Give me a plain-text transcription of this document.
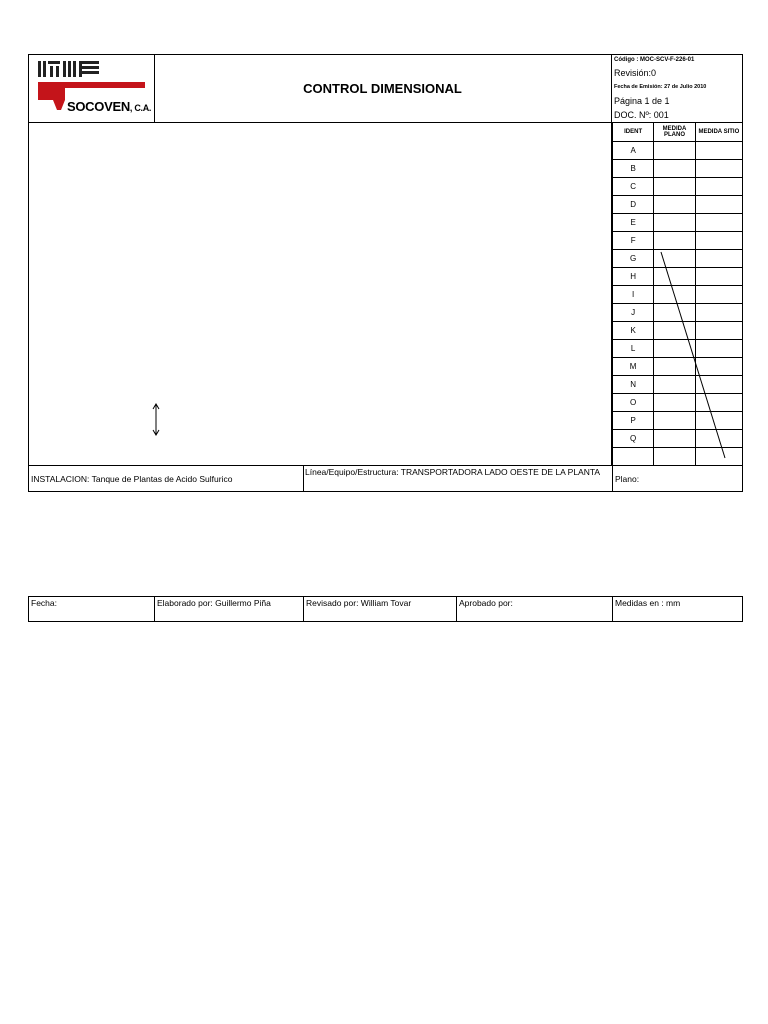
SOCOVEN, C.A.
CONTROL DIMENSIONAL
Código : MOC-SCV-F-226-01
Revisión:0
Fecha de Emisión: 27 de Julio 2010
Página 1 de 1
DOC. Nº: 001
IDENT	MEDIDA PLANO	MEDIDA SITIO
A		
B		
C		
D		
E		
F		
G		
H		
I		
J		
K		
L		
M		
N		
O		
P		
Q		

INSTALACION: Tanque de Plantas de Acido Sulfurico
Línea/Equipo/Estructura: TRANSPORTADORA LADO OESTE DE LA PLANTA
Plano:
Fecha:	Elaborado por: Guillermo Piña	Revisado por: William Tovar	Aprobado por:	Medidas en : mm
